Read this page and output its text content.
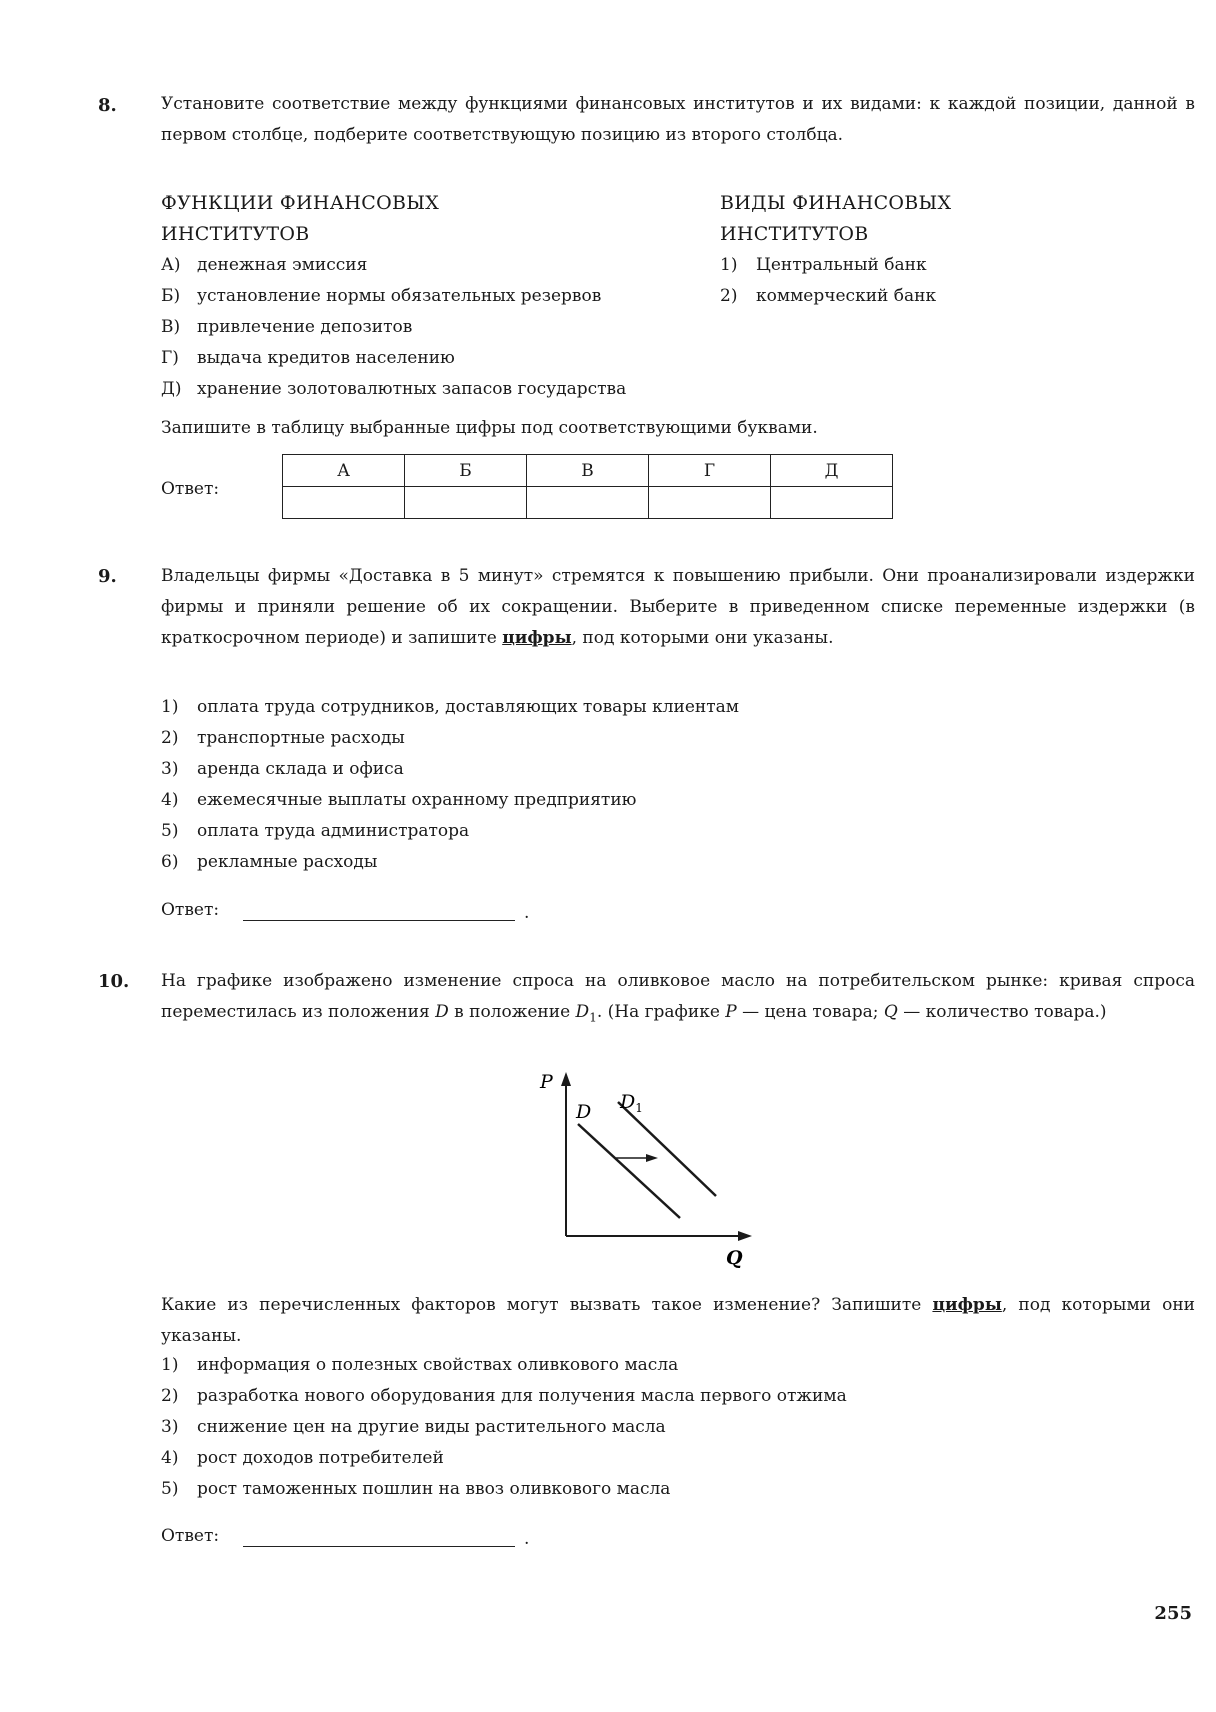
8.	Установите соответствие между функциями финансовых институтов и их видами: к каждой позиции, данной в первом столбце, подберите соответствующую позицию из второго столбца.
ФУНКЦИИ ФИНАНСОВЫХ
ИНСТИТУТОВ
А) денежная эмиссия
Б) установление нормы обязательных резервов
В) привлечение депозитов
Г)	выдача кредитов населению
Д) хранение золотовалютных запасов государства
ВИДЫ ФИНАНСОВЫХ
ИНСТИТУТОВ
1)	Центральный банк
2)	коммерческий банк
Запишите в таблицу выбранные цифры под соответствующими буквами.
Ответ:
А	Б	В	Г	Д

9.	Владельцы фирмы «Доставка в 5 минут» стремятся к повышению прибыли. Они проанализировали издержки фирмы и приняли решение об их сокращении. Выберите в приведенном списке переменные издержки (в краткосрочном периоде) и запишите цифры, под которыми они указаны.
1)	оплата труда сотрудников, доставляющих товары клиентам
2)	транспортные расходы
3)	аренда склада и офиса
4)	ежемесячные выплаты охранному предприятию
5)	оплата труда администратора
6)	рекламные расходы
Ответ:	.
10. На графике изображено изменение спроса на оливковое масло на потребительском рынке: кривая спроса переместилась из положения D в положение $D_1$. (На графике P — цена товара; Q — количество товара.)
P
Q
D $D_1$
Какие из перечисленных факторов могут вызвать такое изменение? Запишите цифры, под которыми они указаны.
1)	информация о полезных свойствах оливкового масла
2)	разработка нового оборудования для получения масла первого отжима
3)	снижение цен на другие виды растительного масла
4)	рост доходов потребителей
5)	рост таможенных пошлин на ввоз оливкового масла
Ответ:	.
255
